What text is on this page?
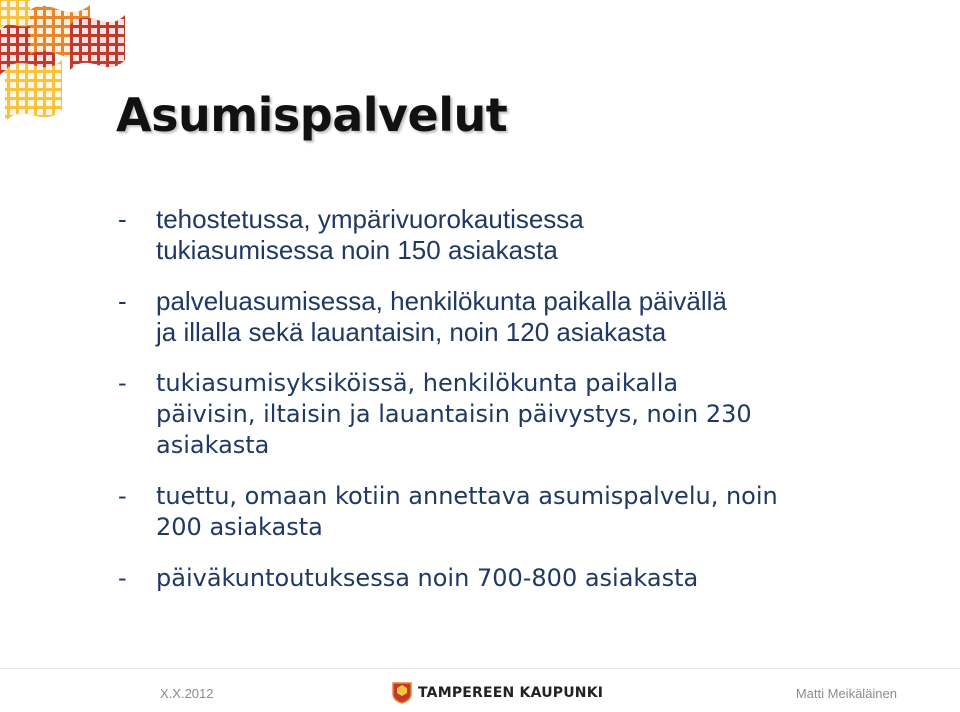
Asumispalvelut
- tehostetussa, ympärivuorokautisessa
tukiasumisessa noin 150 asiakasta
- palveluasumisessa, henkilökunta paikalla päivällä
ja illalla sekä lauantaisin, noin 120 asiakasta
- tukiasumisyksiköissä, henkilökunta paikalla
päivisin, iltaisin ja lauantaisin päivystys, noin 230
asiakasta
- tuettu, omaan kotiin annettava asumispalvelu, noin
200 asiakasta
- päiväkuntoutuksessa noin 700-800 asiakasta
X.X.2012	TAMPEREEN KAUPUNKI	Matti Meikäläinen
